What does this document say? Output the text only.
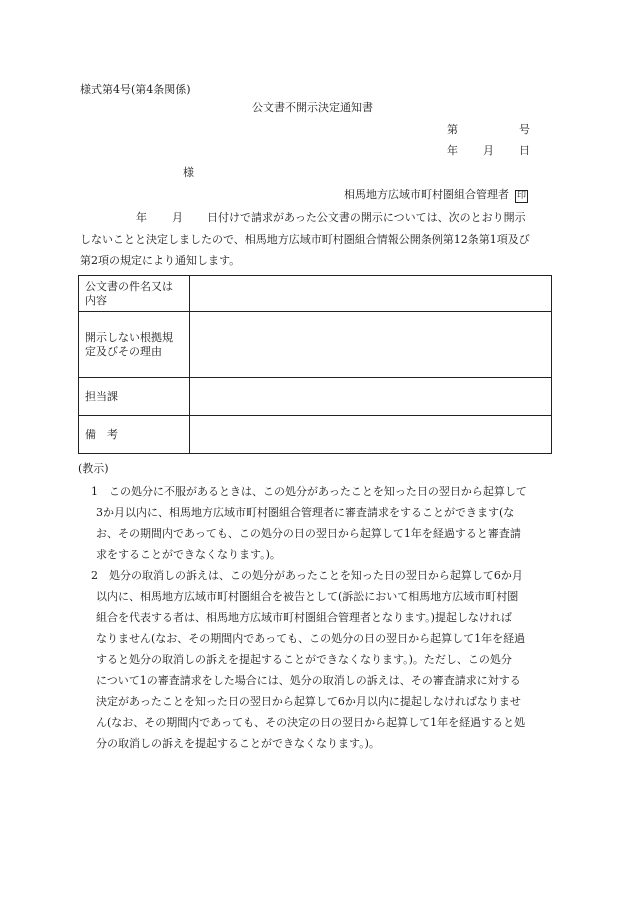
様式第4号(第4条関係)
公文書不開示決定通知書
第	号
年 月 日
様
相馬地方広域市町村圏組合管理者 印
年 月 日付けで請求があった公文書の開示については、次のとおり開示
しないことと決定しましたので、相馬地方広域市町村圏組合情報公開条例第12条第1項及び
第2項の規定により通知します。
公文書の件名又は
内容	

開示しない根拠規
定及びその理由	

担当課	

備　考	

(教示)
1 この処分に不服があるときは、この処分があったことを知った日の翌日から起算して
3か月以内に、相馬地方広域市町村圏組合管理者に審査請求をすることができます(な
お、その期間内であっても、この処分の日の翌日から起算して1年を経過すると審査請
求をすることができなくなります。)。
2 処分の取消しの訴えは、この処分があったことを知った日の翌日から起算して6か月
以内に、相馬地方広域市町村圏組合を被告として(訴訟において相馬地方広域市町村圏
組合を代表する者は、相馬地方広域市町村圏組合管理者となります。)提起しなければ
なりません(なお、その期間内であっても、この処分の日の翌日から起算して1年を経過
すると処分の取消しの訴えを提起することができなくなります。)。ただし、この処分
について1の審査請求をした場合には、処分の取消しの訴えは、その審査請求に対する
決定があったことを知った日の翌日から起算して6か月以内に提起しなければなりませ
ん(なお、その期間内であっても、その決定の日の翌日から起算して1年を経過すると処
分の取消しの訴えを提起することができなくなります。)。
